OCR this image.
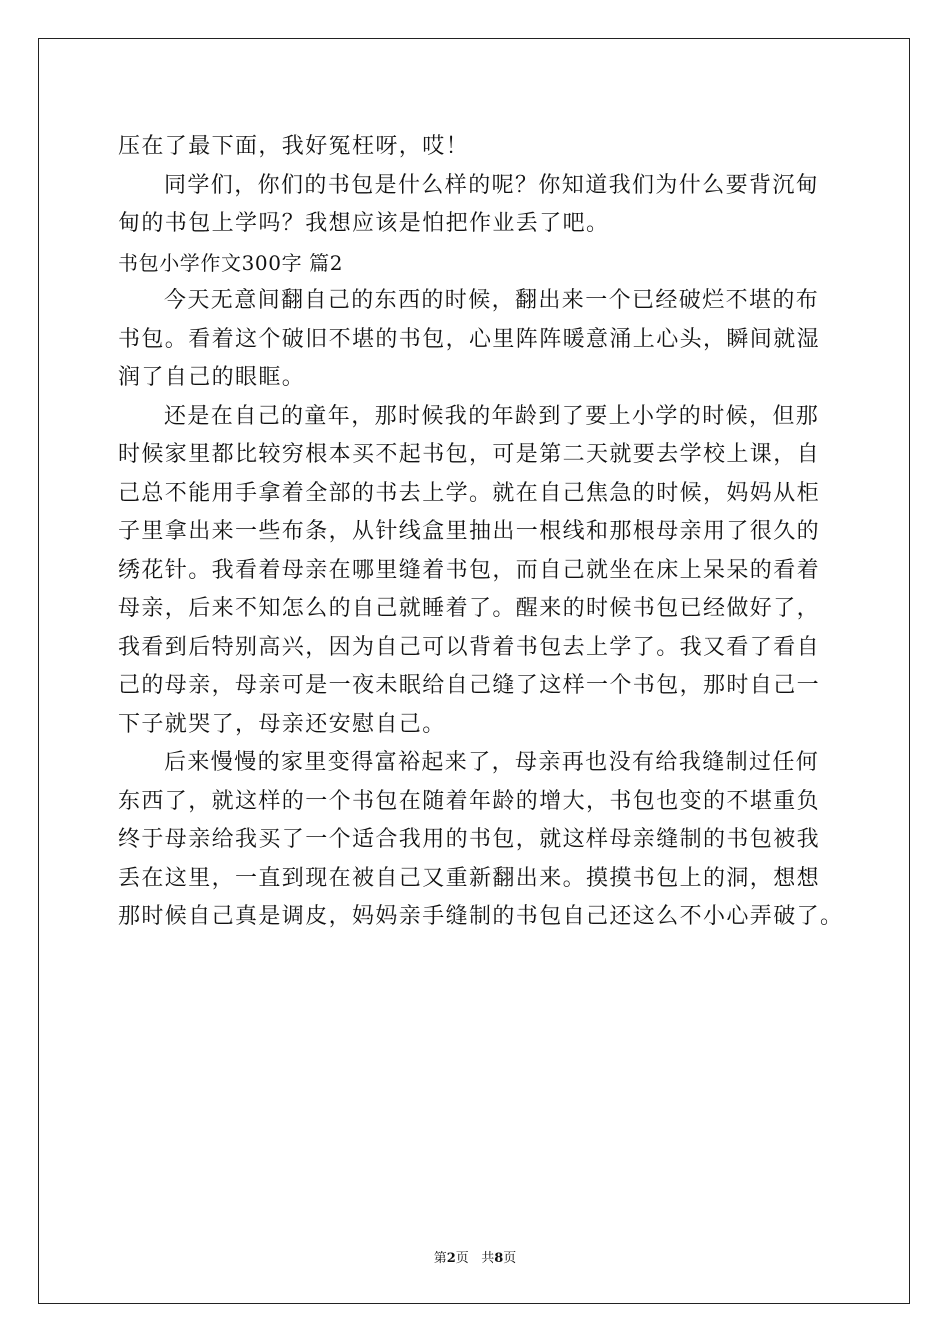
压在了最下面，我好冤枉呀，哎！
同学们，你们的书包是什么样的呢？你知道我们为什么要背沉甸
甸的书包上学吗？我想应该是怕把作业丢了吧。
书包小学作文300字 篇2
今天无意间翻自己的东西的时候，翻出来一个已经破烂不堪的布
书包。看着这个破旧不堪的书包，心里阵阵暖意涌上心头，瞬间就湿
润了自己的眼眶。
还是在自己的童年，那时候我的年龄到了要上小学的时候，但那
时候家里都比较穷根本买不起书包，可是第二天就要去学校上课，自
己总不能用手拿着全部的书去上学。就在自己焦急的时候，妈妈从柜
子里拿出来一些布条，从针线盒里抽出一根线和那根母亲用了很久的
绣花针。我看着母亲在哪里缝着书包，而自己就坐在床上呆呆的看着
母亲，后来不知怎么的自己就睡着了。醒来的时候书包已经做好了，
我看到后特别高兴，因为自己可以背着书包去上学了。我又看了看自
己的母亲，母亲可是一夜未眠给自己缝了这样一个书包，那时自己一
下子就哭了，母亲还安慰自己。
后来慢慢的家里变得富裕起来了，母亲再也没有给我缝制过任何
东西了，就这样的一个书包在随着年龄的增大，书包也变的不堪重负
终于母亲给我买了一个适合我用的书包，就这样母亲缝制的书包被我
丢在这里，一直到现在被自己又重新翻出来。摸摸书包上的洞，想想
那时候自己真是调皮，妈妈亲手缝制的书包自己还这么不小心弄破了。
第2页 共8页
